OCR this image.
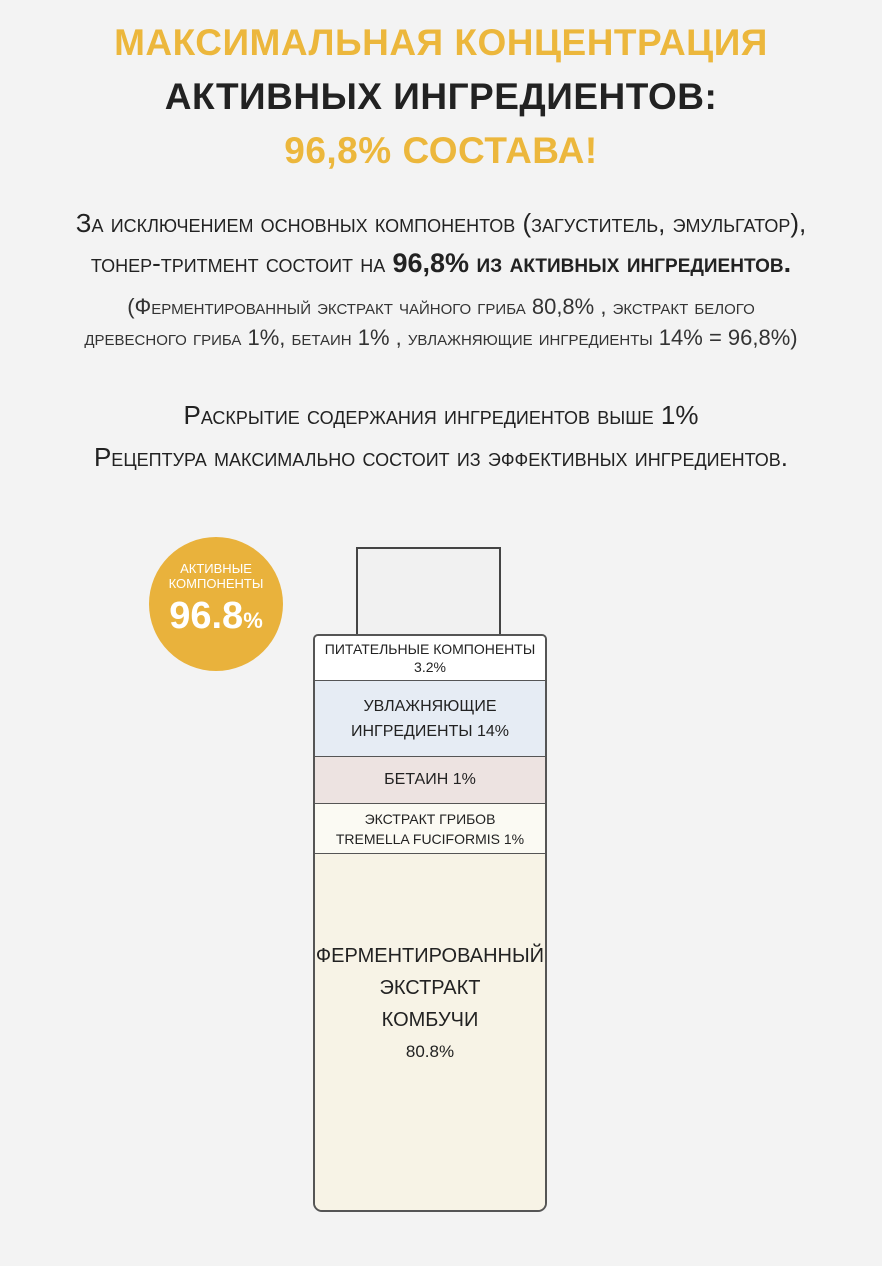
МАКСИМАЛЬНАЯ КОНЦЕНТРАЦИЯ
АКТИВНЫХ ИНГРЕДИЕНТОВ:
96,8% СОСТАВА!
За исключением основных компонентов (загуститель, эмульгатор),
тонер-тритмент состоит на 96,8% из активных ингредиентов.
(Ферментированный экстракт чайного гриба 80,8% , экстракт белого
древесного гриба 1%, бетаин 1% , увлажняющие ингредиенты 14% = 96,8%)
Раскрытие содержания ингредиентов выше 1%
Рецептура максимально состоит из эффективных ингредиентов.
АКТИВНЫЕ
КОМПОНЕНТЫ
96.8%
ПИТАТЕЛЬНЫЕ КОМПОНЕНТЫ
3.2%
УВЛАЖНЯЮЩИЕ
ИНГРЕДИЕНТЫ 14%
БЕТАИН 1%
ЭКСТРАКТ ГРИБОВ
TREMELLA FUCIFORMIS 1%
ФЕРМЕНТИРОВАННЫЙ
ЭКСТРАКТ
КОМБУЧИ
80.8%
